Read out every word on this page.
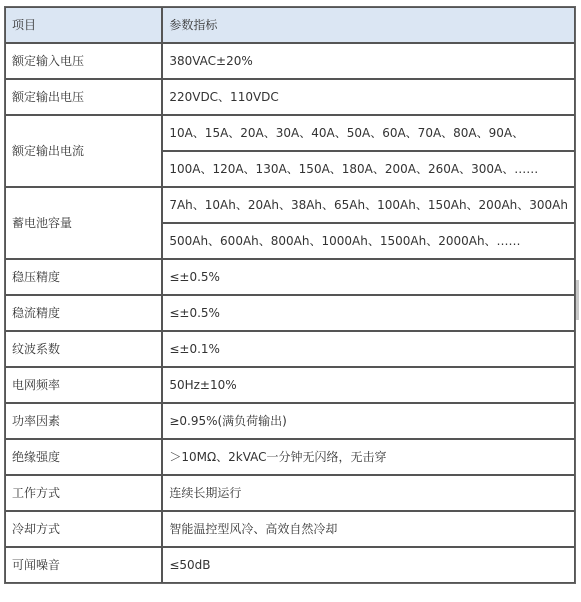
项目	参数指标
额定输入电压	380VAC±20%
额定输出电压	220VDC、110VDC
额定输出电流	10A、15A、20A、30A、40A、50A、60A、70A、80A、90A、
	100A、120A、130A、150A、180A、200A、260A、300A、……
蓄电池容量	7Ah、10Ah、20Ah、38Ah、65Ah、100Ah、150Ah、200Ah、300Ah
	500Ah、600Ah、800Ah、1000Ah、1500Ah、2000Ah、……
稳压精度	≤±0.5%
稳流精度	≤±0.5%
纹波系数	≤±0.1%
电网频率	50Hz±10%
功率因素	≥0.95%(满负荷输出)
绝缘强度	＞10MΩ、2kVAC一分钟无闪络，无击穿
工作方式	连续长期运行
冷却方式	智能温控型风冷、高效自然冷却
可闻噪音	≤50dB
